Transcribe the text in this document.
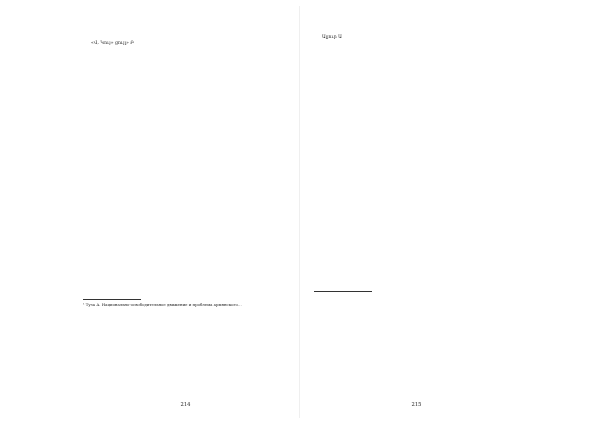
«Վ. Կույ» ցույլ» Բ

¹ Туза А. Национально-освободительное движение и проблема армянского…

Ալյուր Ա

214	215
